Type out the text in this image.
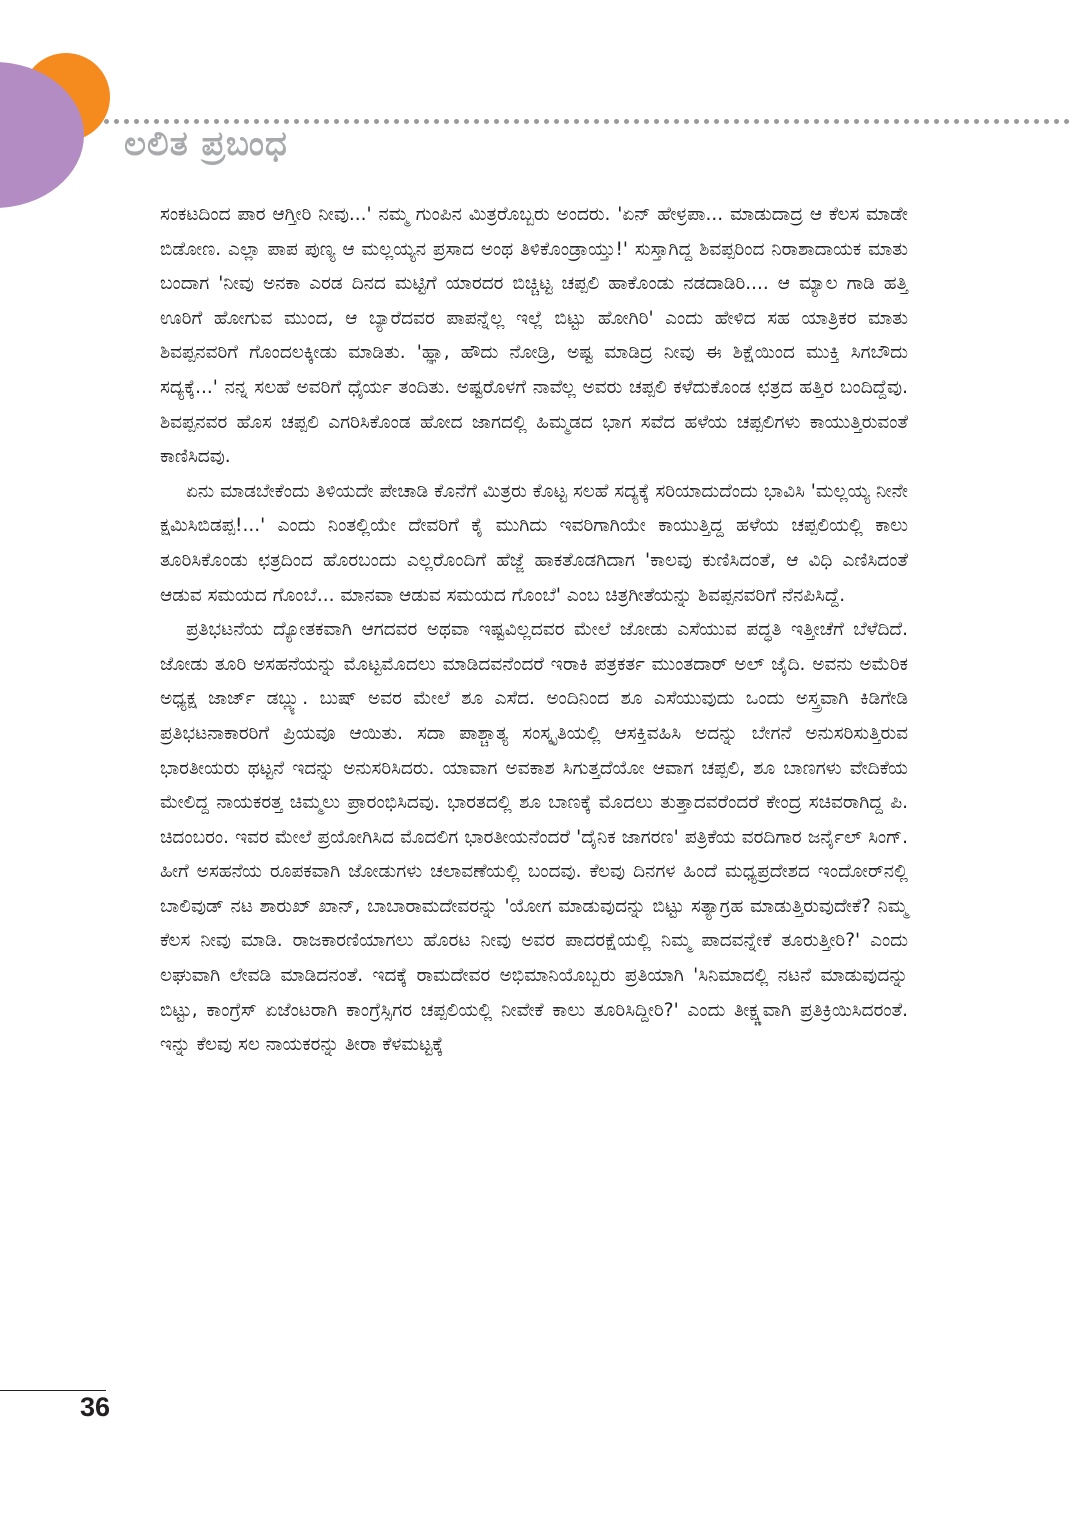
ಲಲಿತ ಪ್ರಬಂಧ

ಸಂಕಟದಿಂದ ಪಾರ ಆಗ್ತೀರಿ ನೀವು...' ನಮ್ಮ ಗುಂಪಿನ ಮಿತ್ರರೊಬ್ಬರು ಅಂದರು. 'ಏನ್ ಹೇಳ್ರಪಾ... ಮಾಡುದಾದ್ರ ಆ ಕೆಲಸ ಮಾಡೇ ಬಿಡೋಣ. ಎಲ್ಲಾ ಪಾಪ ಪುಣ್ಯ ಆ ಮಲ್ಲಯ್ಯನ ಪ್ರಸಾದ ಅಂಥ ತಿಳಿಕೊಂಡ್ರಾಯ್ತು!' ಸುಸ್ತಾಗಿದ್ದ ಶಿವಪ್ಪರಿಂದ ನಿರಾಶಾದಾಯಕ ಮಾತು ಬಂದಾಗ 'ನೀವು ಅನಕಾ ಎರಡ ದಿನದ ಮಟ್ಟಿಗೆ ಯಾರದರ ಬಿಚ್ಚಿಟ್ಟ ಚಪ್ಪಲಿ ಹಾಕೊಂಡು ನಡದಾಡಿರಿ.... ಆ ಮ್ಯಾಲ ಗಾಡಿ ಹತ್ತಿ ಊರಿಗೆ ಹೋಗುವ ಮುಂದ, ಆ ಬ್ಯಾರೆದವರ ಪಾಪನ್ನೆಲ್ಲ ಇಲ್ಲೆ ಬಿಟ್ಟು ಹೋಗಿರಿ' ಎಂದು ಹೇಳಿದ ಸಹ ಯಾತ್ರಿಕರ ಮಾತು ಶಿವಪ್ಪನವರಿಗೆ ಗೊಂದಲಕ್ಕೀಡು ಮಾಡಿತು. 'ಹ್ಞಾ, ಹೌದು ನೋಡ್ರಿ, ಅಷ್ಟ ಮಾಡಿದ್ರ ನೀವು ಈ ಶಿಕ್ಷೆಯಿಂದ ಮುಕ್ತಿ ಸಿಗಬೌದು ಸದ್ಯಕ್ಕೆ...' ನನ್ನ ಸಲಹೆ ಅವರಿಗೆ ಧೈರ್ಯ ತಂದಿತು. ಅಷ್ಟರೊಳಗೆ ನಾವೆಲ್ಲ ಅವರು ಚಪ್ಪಲಿ ಕಳೆದುಕೊಂಡ ಛತ್ರದ ಹತ್ತಿರ ಬಂದಿದ್ದೆವು. ಶಿವಪ್ಪನವರ ಹೊಸ ಚಪ್ಪಲಿ ಎಗರಿಸಿಕೊಂಡ ಹೋದ ಜಾಗದಲ್ಲಿ ಹಿಮ್ಮಡದ ಭಾಗ ಸವೆದ ಹಳೆಯ ಚಪ್ಪಲಿಗಳು ಕಾಯುತ್ತಿರುವಂತೆ ಕಾಣಿಸಿದವು.

ಏನು ಮಾಡಬೇಕೆಂದು ತಿಳಿಯದೇ ಪೇಚಾಡಿ ಕೊನೆಗೆ ಮಿತ್ರರು ಕೊಟ್ಟ ಸಲಹೆ ಸದ್ಯಕ್ಕೆ ಸರಿಯಾದುದೆಂದು ಭಾವಿಸಿ 'ಮಲ್ಲಯ್ಯ ನೀನೇ ಕ್ಷಮಿಸಿಬಿಡಪ್ಪ!...' ಎಂದು ನಿಂತಲ್ಲಿಯೇ ದೇವರಿಗೆ ಕೈ ಮುಗಿದು ಇವರಿಗಾಗಿಯೇ ಕಾಯುತ್ತಿದ್ದ ಹಳೆಯ ಚಪ್ಪಲಿಯಲ್ಲಿ ಕಾಲು ತೂರಿಸಿಕೊಂಡು ಛತ್ರದಿಂದ ಹೊರಬಂದು ಎಲ್ಲರೊಂದಿಗೆ ಹೆಜ್ಜೆ ಹಾಕತೊಡಗಿದಾಗ 'ಕಾಲವು ಕುಣಿಸಿದಂತೆ, ಆ ವಿಧಿ ಎಣಿಸಿದಂತೆ ಆಡುವ ಸಮಯದ ಗೊಂಬೆ... ಮಾನವಾ ಆಡುವ ಸಮಯದ ಗೊಂಬೆ' ಎಂಬ ಚಿತ್ರಗೀತೆಯನ್ನು ಶಿವಪ್ಪನವರಿಗೆ ನೆನಪಿಸಿದ್ದೆ.

ಪ್ರತಿಭಟನೆಯ ದ್ಯೋತಕವಾಗಿ ಆಗದವರ ಅಥವಾ ಇಷ್ಟವಿಲ್ಲದವರ ಮೇಲೆ ಜೋಡು ಎಸೆಯುವ ಪದ್ಧತಿ ಇತ್ತೀಚೆಗೆ ಬೆಳೆದಿದೆ. ಜೋಡು ತೂರಿ ಅಸಹನೆಯನ್ನು ಮೊಟ್ಟಮೊದಲು ಮಾಡಿದವನೆಂದರೆ ಇರಾಕಿ ಪತ್ರಕರ್ತ ಮುಂತದಾರ್ ಅಲ್ ಜೈದಿ. ಅವನು ಅಮೆರಿಕ ಅಧ್ಯಕ್ಷ ಜಾರ್ಜ್ ಡಬ್ಲ್ಯು. ಬುಷ್ ಅವರ ಮೇಲೆ ಶೂ ಎಸೆದ. ಅಂದಿನಿಂದ ಶೂ ಎಸೆಯುವುದು ಒಂದು ಅಸ್ತ್ರವಾಗಿ ಕಿಡಿಗೇಡಿ ಪ್ರತಿಭಟನಾಕಾರರಿಗೆ ಪ್ರಿಯವೂ ಆಯಿತು. ಸದಾ ಪಾಶ್ಚಾತ್ಯ ಸಂಸ್ಕೃತಿಯಲ್ಲಿ ಆಸಕ್ತಿವಹಿಸಿ ಅದನ್ನು ಬೇಗನೆ ಅನುಸರಿಸುತ್ತಿರುವ ಭಾರತೀಯರು ಥಟ್ಟನೆ ಇದನ್ನು ಅನುಸರಿಸಿದರು. ಯಾವಾಗ ಅವಕಾಶ ಸಿಗುತ್ತದೆಯೋ ಆವಾಗ ಚಪ್ಪಲಿ, ಶೂ ಬಾಣಗಳು ವೇದಿಕೆಯ ಮೇಲಿದ್ದ ನಾಯಕರತ್ತ ಚಿಮ್ಮಲು ಪ್ರಾರಂಭಿಸಿದವು. ಭಾರತದಲ್ಲಿ ಶೂ ಬಾಣಕ್ಕೆ ಮೊದಲು ತುತ್ತಾದವರೆಂದರೆ ಕೇಂದ್ರ ಸಚಿವರಾಗಿದ್ದ ಪಿ. ಚಿದಂಬರಂ. ಇವರ ಮೇಲೆ ಪ್ರಯೋಗಿಸಿದ ಮೊದಲಿಗ ಭಾರತೀಯನೆಂದರೆ 'ದೈನಿಕ ಜಾಗರಣ' ಪತ್ರಿಕೆಯ ವರದಿಗಾರ ಜರ್ನೈಲ್ ಸಿಂಗ್. ಹೀಗೆ ಅಸಹನೆಯ ರೂಪಕವಾಗಿ ಜೋಡುಗಳು ಚಲಾವಣೆಯಲ್ಲಿ ಬಂದವು. ಕೆಲವು ದಿನಗಳ ಹಿಂದೆ ಮಧ್ಯಪ್ರದೇಶದ ಇಂದೋರ್‌ನಲ್ಲಿ ಬಾಲಿವುಡ್ ನಟ ಶಾರುಖ್ ಖಾನ್, ಬಾಬಾರಾಮದೇವರನ್ನು 'ಯೋಗ ಮಾಡುವುದನ್ನು ಬಿಟ್ಟು ಸತ್ಯಾಗ್ರಹ ಮಾಡುತ್ತಿರುವುದೇಕೆ? ನಿಮ್ಮ ಕೆಲಸ ನೀವು ಮಾಡಿ. ರಾಜಕಾರಣಿಯಾಗಲು ಹೊರಟ ನೀವು ಅವರ ಪಾದರಕ್ಷೆಯಲ್ಲಿ ನಿಮ್ಮ ಪಾದವನ್ನೇಕೆ ತೂರುತ್ತೀರಿ?' ಎಂದು ಲಘುವಾಗಿ ಲೇವಡಿ ಮಾಡಿದನಂತೆ. ಇದಕ್ಕೆ ರಾಮದೇವರ ಅಭಿಮಾನಿಯೊಬ್ಬರು ಪ್ರತಿಯಾಗಿ 'ಸಿನಿಮಾದಲ್ಲಿ ನಟನೆ ಮಾಡುವುದನ್ನು ಬಿಟ್ಟು, ಕಾಂಗ್ರೆಸ್ ಏಜೆಂಟರಾಗಿ ಕಾಂಗ್ರೆಸ್ಸಿಗರ ಚಪ್ಪಲಿಯಲ್ಲಿ ನೀವೇಕೆ ಕಾಲು ತೂರಿಸಿದ್ದೀರಿ?' ಎಂದು ತೀಕ್ಷ್ಣವಾಗಿ ಪ್ರತಿಕ್ರಿಯಿಸಿದರಂತೆ. ಇನ್ನು ಕೆಲವು ಸಲ ನಾಯಕರನ್ನು ತೀರಾ ಕೆಳಮಟ್ಟಕ್ಕೆ

36
